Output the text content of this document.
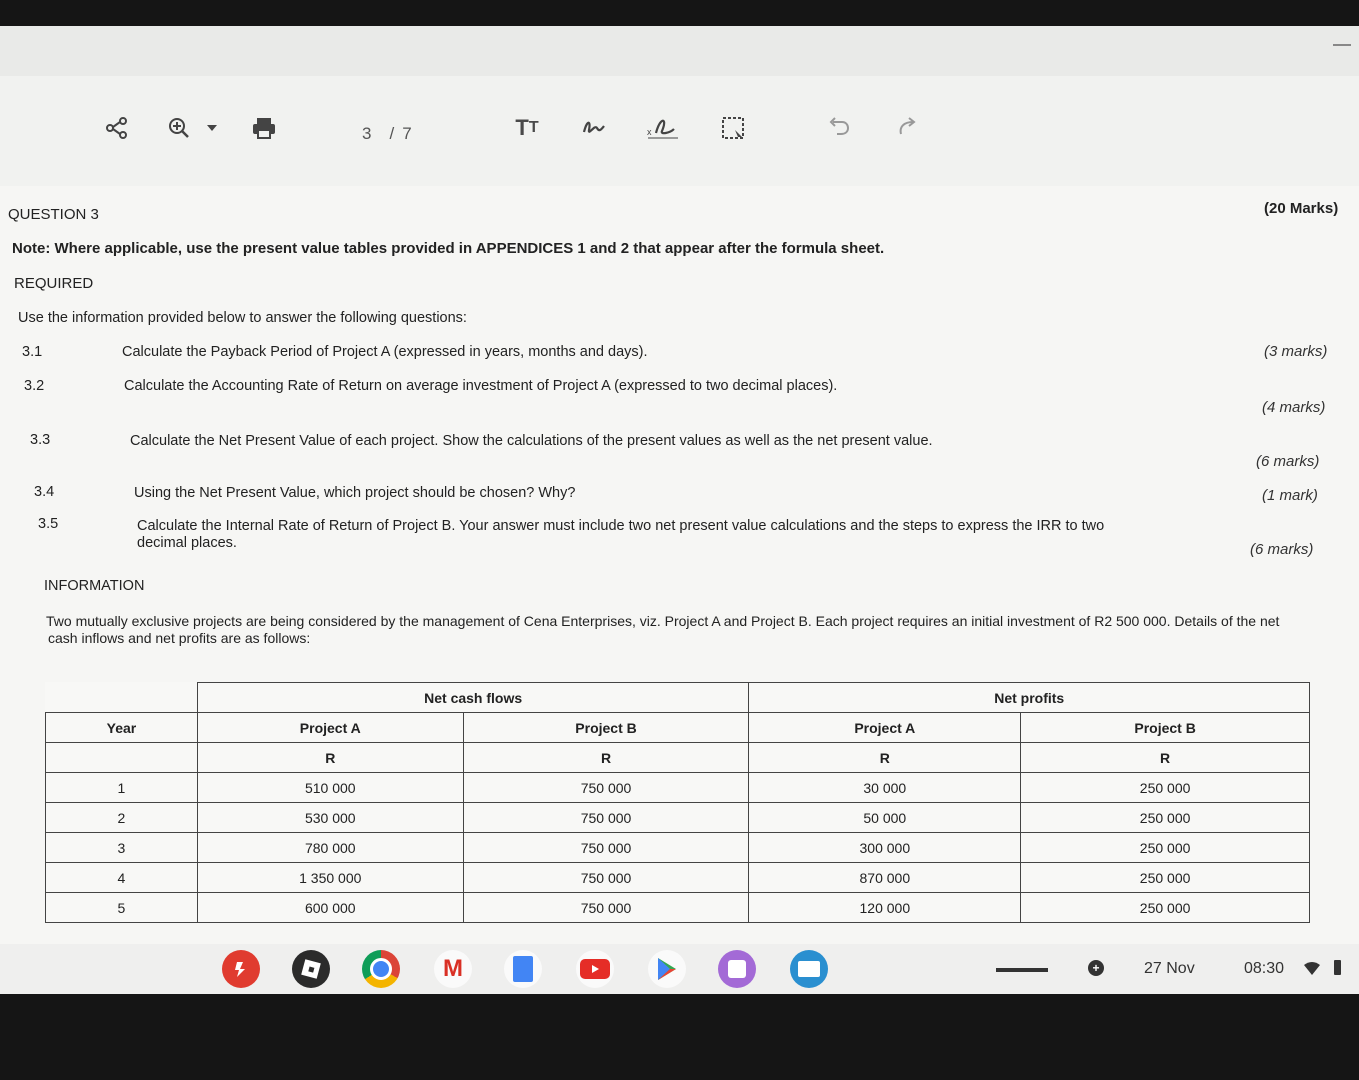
3 / 7	T T	x
QUESTION 3	(20 Marks)
Note: Where applicable, use the present value tables provided in APPENDICES 1 and 2 that appear after the formula sheet.
REQUIRED
Use the information provided below to answer the following questions:
3.1	Calculate the Payback Period of Project A (expressed in years, months and days).	(3 marks)
3.2	Calculate the Accounting Rate of Return on average investment of Project A (expressed to two decimal places).
(4 marks)
3.3	Calculate the Net Present Value of each project. Show the calculations of the present values as well as the net present value.
(6 marks)
3.4	Using the Net Present Value, which project should be chosen? Why?	(1 mark)
3.5	Calculate the Internal Rate of Return of Project B. Your answer must include two net present value calculations and the steps to express the IRR to two
decimal places.	(6 marks)
INFORMATION
Two mutually exclusive projects are being considered by the management of Cena Enterprises, viz. Project A and Project B. Each project requires an initial investment of R2 500 000. Details of the net
cash inflows and net profits are as follows:
	Net cash flows		Net profits	
Year	Project A	Project B	Project A	Project B
	R	R	R	R
1	510 000	750 000	30 000	250 000
2	530 000	750 000	50 000	250 000
3	780 000	750 000	300 000	250 000
4	1 350 000	750 000	870 000	250 000
5	600 000	750 000	120 000	250 000
M	+	27 Nov	08:30
